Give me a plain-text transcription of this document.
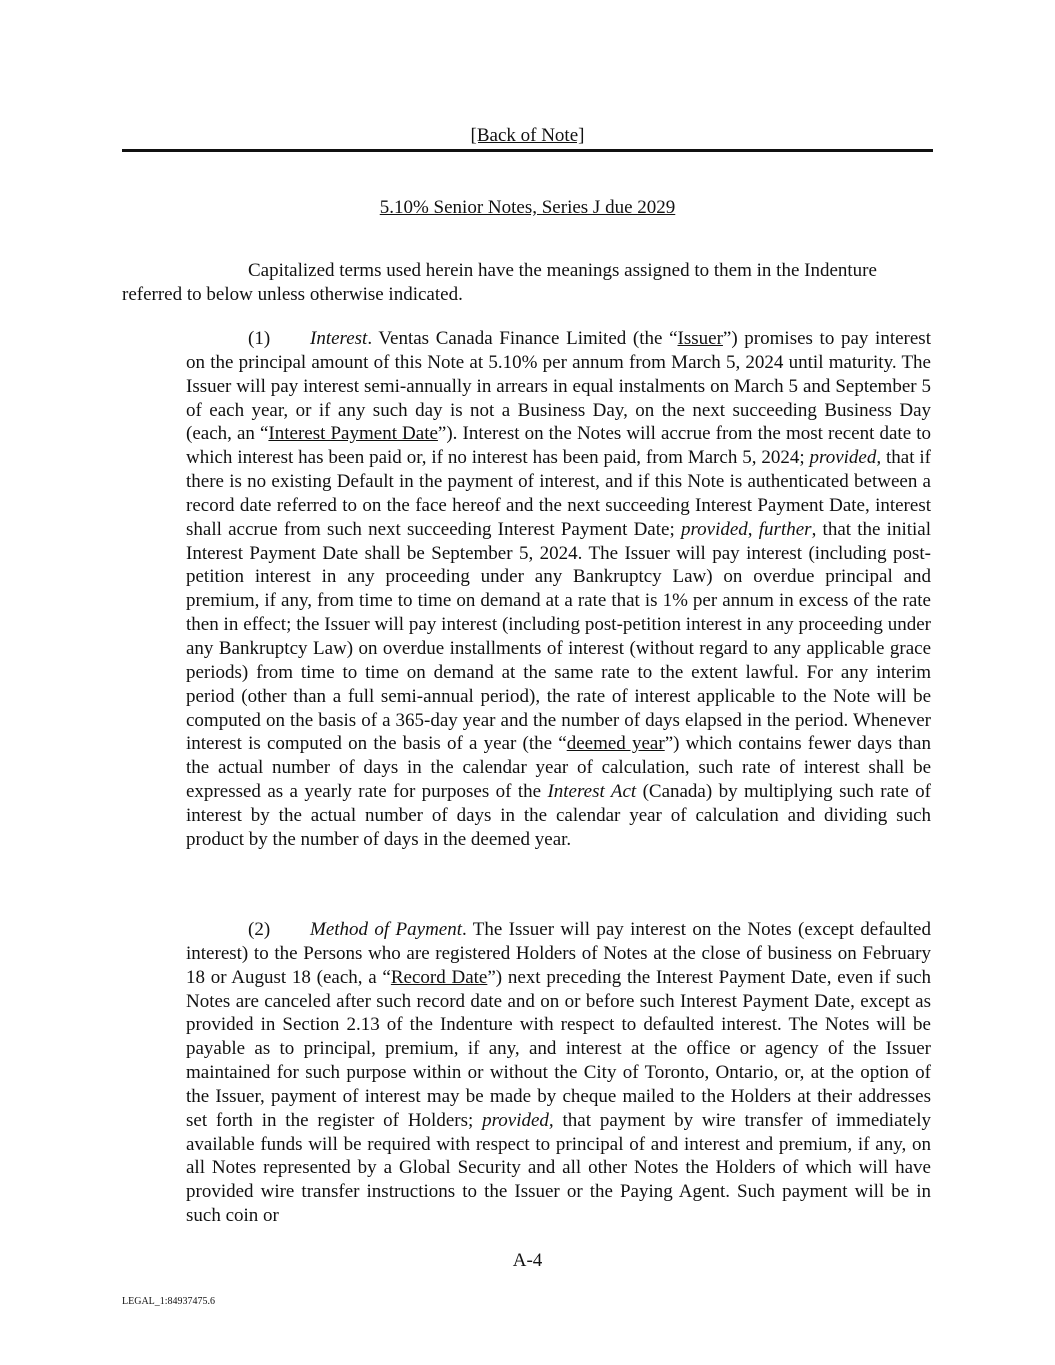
[Back of Note]
5.10% Senior Notes, Series J due 2029
Capitalized terms used herein have the meanings assigned to them in the Indenture referred to below unless otherwise indicated.
(1) Interest. Ventas Canada Finance Limited (the “Issuer”) promises to pay interest on the principal amount of this Note at 5.10% per annum from March 5, 2024 until maturity. The Issuer will pay interest semi-annually in arrears in equal instalments on March 5 and September 5 of each year, or if any such day is not a Business Day, on the next succeeding Business Day (each, an “Interest Payment Date”). Interest on the Notes will accrue from the most recent date to which interest has been paid or, if no interest has been paid, from March 5, 2024; provided, that if there is no existing Default in the payment of interest, and if this Note is authenticated between a record date referred to on the face hereof and the next succeeding Interest Payment Date, interest shall accrue from such next succeeding Interest Payment Date; provided, further, that the initial Interest Payment Date shall be September 5, 2024. The Issuer will pay interest (including post-petition interest in any proceeding under any Bankruptcy Law) on overdue principal and premium, if any, from time to time on demand at a rate that is 1% per annum in excess of the rate then in effect; the Issuer will pay interest (including post-petition interest in any proceeding under any Bankruptcy Law) on overdue installments of interest (without regard to any applicable grace periods) from time to time on demand at the same rate to the extent lawful. For any interim period (other than a full semi-annual period), the rate of interest applicable to the Note will be computed on the basis of a 365-day year and the number of days elapsed in the period. Whenever interest is computed on the basis of a year (the “deemed year”) which contains fewer days than the actual number of days in the calendar year of calculation, such rate of interest shall be expressed as a yearly rate for purposes of the Interest Act (Canada) by multiplying such rate of interest by the actual number of days in the calendar year of calculation and dividing such product by the number of days in the deemed year.
(2) Method of Payment. The Issuer will pay interest on the Notes (except defaulted interest) to the Persons who are registered Holders of Notes at the close of business on February 18 or August 18 (each, a “Record Date”) next preceding the Interest Payment Date, even if such Notes are canceled after such record date and on or before such Interest Payment Date, except as provided in Section 2.13 of the Indenture with respect to defaulted interest. The Notes will be payable as to principal, premium, if any, and interest at the office or agency of the Issuer maintained for such purpose within or without the City of Toronto, Ontario, or, at the option of the Issuer, payment of interest may be made by cheque mailed to the Holders at their addresses set forth in the register of Holders; provided, that payment by wire transfer of immediately available funds will be required with respect to principal of and interest and premium, if any, on all Notes represented by a Global Security and all other Notes the Holders of which will have provided wire transfer instructions to the Issuer or the Paying Agent. Such payment will be in such coin or
A-4
LEGAL_1:84937475.6
